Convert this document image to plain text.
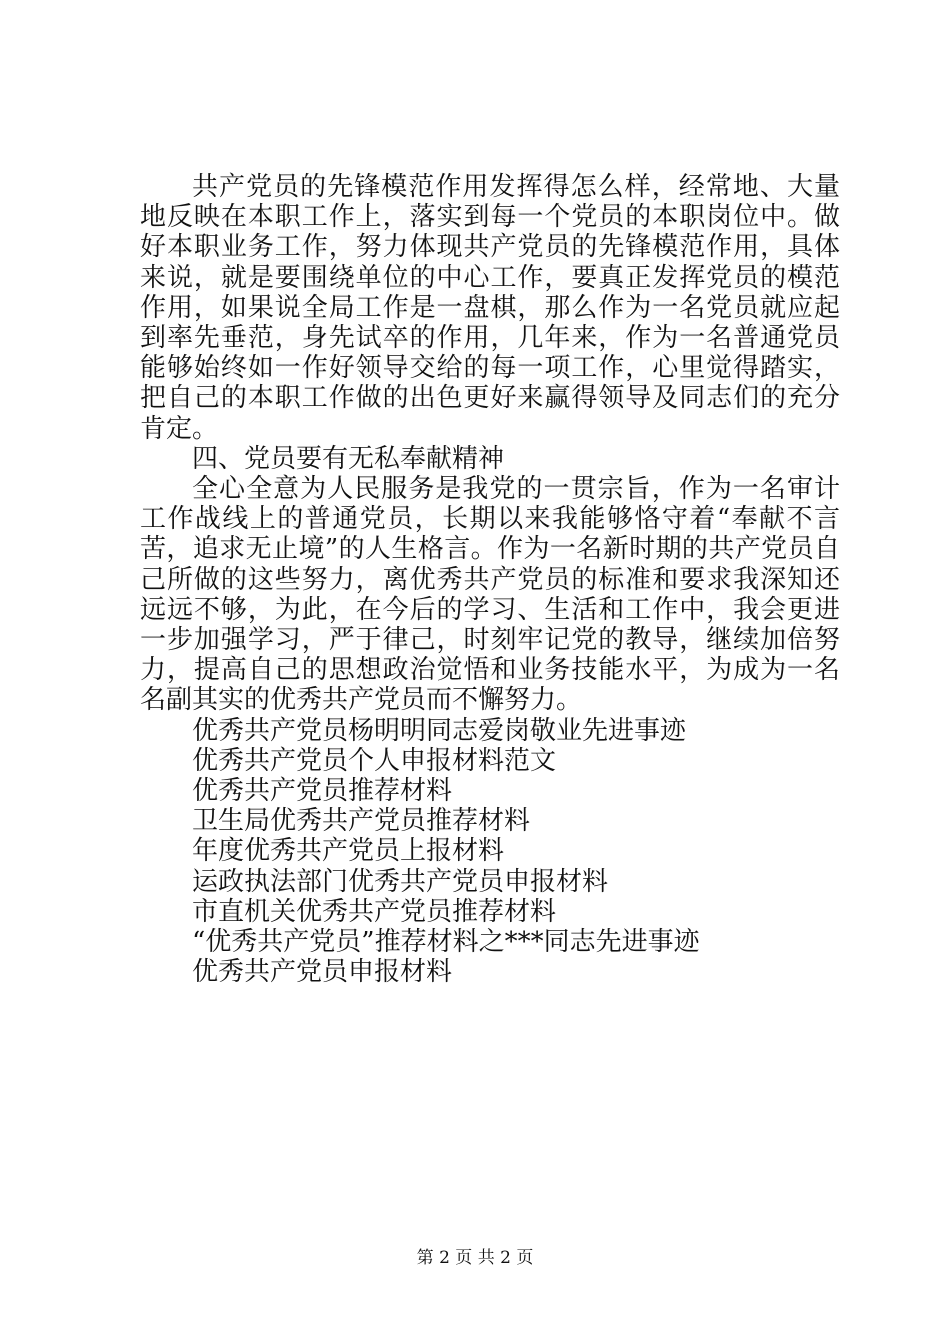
共产党员的先锋模范作用发挥得怎么样，经常地、大量地反映在本职工作上，落实到每一个党员的本职岗位中。做好本职业务工作，努力体现共产党员的先锋模范作用，具体来说，就是要围绕单位的中心工作，要真正发挥党员的模范作用，如果说全局工作是一盘棋，那么作为一名党员就应起到率先垂范，身先试卒的作用，几年来，作为一名普通党员能够始终如一作好领导交给的每一项工作，心里觉得踏实，把自己的本职工作做的出色更好来赢得领导及同志们的充分肯定。

四、党员要有无私奉献精神

全心全意为人民服务是我党的一贯宗旨，作为一名审计工作战线上的普通党员，长期以来我能够恪守着“奉献不言苦，追求无止境”的人生格言。作为一名新时期的共产党员自己所做的这些努力，离优秀共产党员的标准和要求我深知还远远不够，为此，在今后的学习、生活和工作中，我会更进一步加强学习，严于律己，时刻牢记党的教导，继续加倍努力，提高自己的思想政治觉悟和业务技能水平，为成为一名名副其实的优秀共产党员而不懈努力。

优秀共产党员杨明明同志爱岗敬业先进事迹

优秀共产党员个人申报材料范文

优秀共产党员推荐材料

卫生局优秀共产党员推荐材料

年度优秀共产党员上报材料

运政执法部门优秀共产党员申报材料

市直机关优秀共产党员推荐材料

“优秀共产党员”推荐材料之***同志先进事迹

优秀共产党员申报材料

第 2 页 共 2 页
